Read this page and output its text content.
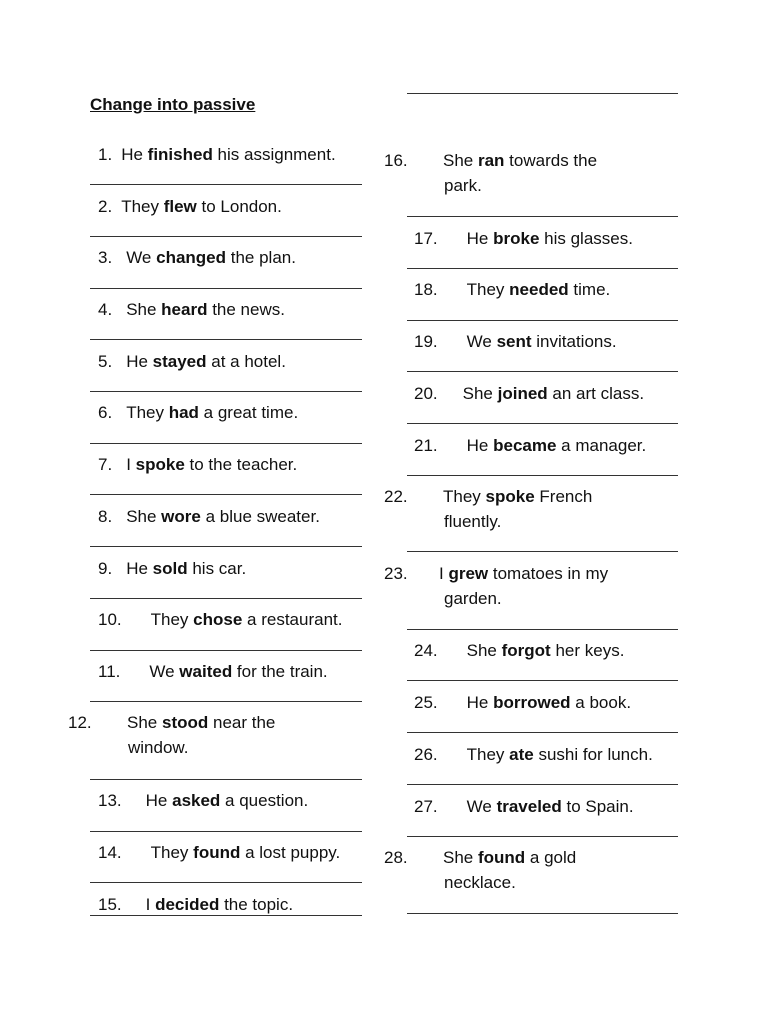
Change into passive
1. He finished his assignment.
2. They flew to London.
3. We changed the plan.
4. She heard the news.
5. He stayed at a hotel.
6. They had a great time.
7. I spoke to the teacher.
8. She wore a blue sweater.
9. He sold his car.
10. They chose a restaurant.
11. We waited for the train.
12. She stood near the window.
13. He asked a question.
14. They found a lost puppy.
15. I decided the topic.
16. She ran towards the park.
17. He broke his glasses.
18. They needed time.
19. We sent invitations.
20. She joined an art class.
21. He became a manager.
22. They spoke French fluently.
23. I grew tomatoes in my garden.
24. She forgot her keys.
25. He borrowed a book.
26. They ate sushi for lunch.
27. We traveled to Spain.
28. She found a gold necklace.
